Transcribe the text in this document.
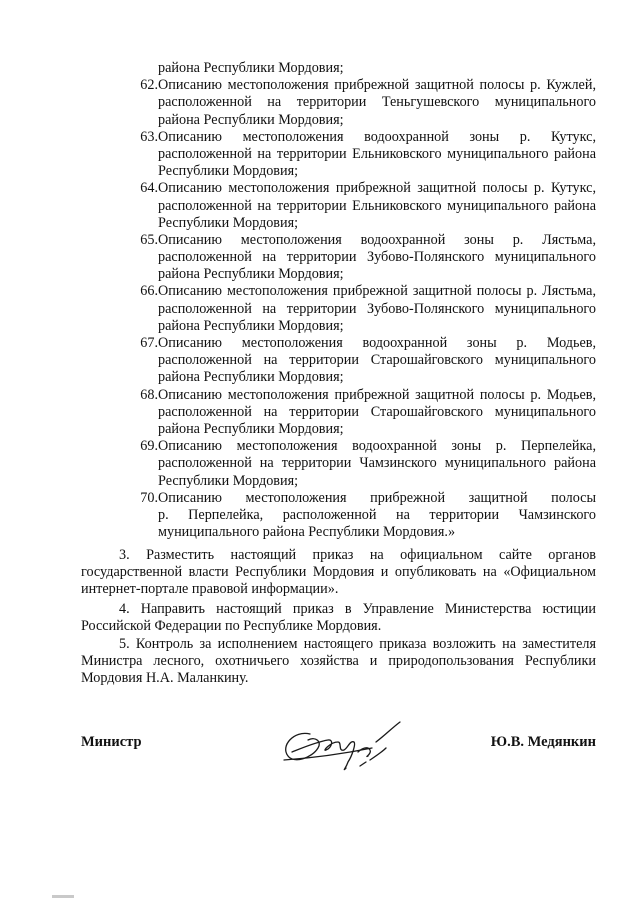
района Республики Мордовия;
62. Описанию местоположения прибрежной защитной полосы р. Кужлей,
расположенной на территории Теньгушевского муниципального
района Республики Мордовия;
63. Описанию местоположения водоохранной зоны р. Кутукс,
расположенной на территории Ельниковского муниципального района
Республики Мордовия;
64. Описанию местоположения прибрежной защитной полосы р. Кутукс,
расположенной на территории Ельниковского муниципального района
Республики Мордовия;
65. Описанию местоположения водоохранной зоны р. Лястьма,
расположенной на территории Зубово-Полянского муниципального
района Республики Мордовия;
66. Описанию местоположения прибрежной защитной полосы р. Лястьма,
расположенной на территории Зубово-Полянского муниципального
района Республики Мордовия;
67. Описанию местоположения водоохранной зоны р. Модьев,
расположенной на территории Старошайговского муниципального
района Республики Мордовия;
68. Описанию местоположения прибрежной защитной полосы р. Модьев,
расположенной на территории Старошайговского муниципального
района Республики Мордовия;
69. Описанию местоположения водоохранной зоны р. Перпелейка,
расположенной на территории Чамзинского муниципального района
Республики Мордовия;
70. Описанию местоположения прибрежной защитной полосы
р. Перпелейка, расположенной на территории Чамзинского
муниципального района Республики Мордовия.»
3. Разместить настоящий приказ на официальном сайте органов
государственной власти Республики Мордовия и опубликовать на «Официальном
интернет-портале правовой информации».
4. Направить настоящий приказ в Управление Министерства юстиции
Российской Федерации по Республике Мордовия.
5. Контроль за исполнением настоящего приказа возложить на заместителя
Министра лесного, охотничьего хозяйства и природопользования Республики
Мордовия Н.А. Маланкину.
Министр	Ю.В. Медянкин
